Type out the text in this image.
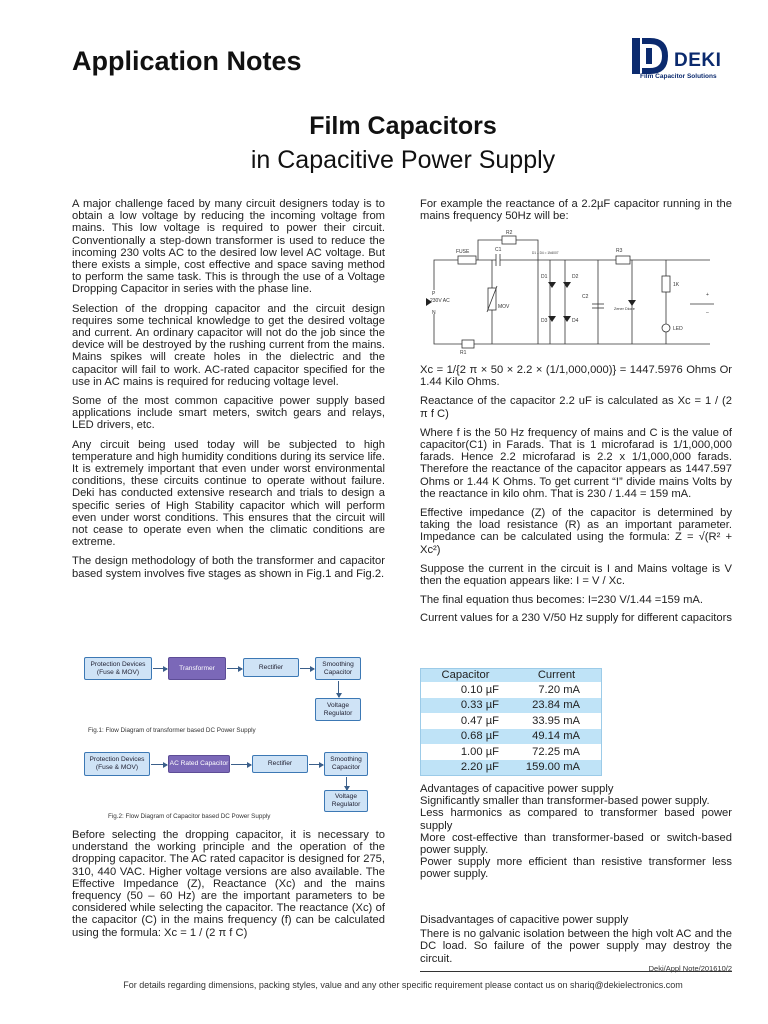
Application Notes	DEKI
Film Capacitor Solutions
Film Capacitors
in Capacitive Power Supply

A major challenge faced by many circuit designers today is to obtain a low voltage by reducing the incoming voltage from mains. This low voltage is required to power their circuit. Conventionally a step-down transformer is used to reduce the incoming 230 volts AC to the desired low level AC voltage. But there exists a simple, cost effective and space saving method to perform the same task. This is through the use of a Voltage Dropping Capacitor in series with the phase line.

Selection of the dropping capacitor and the circuit design requires some technical knowledge to get the desired voltage and current. An ordinary capacitor will not do the job since the device will be destroyed by the rushing current from the mains. Mains spikes will create holes in the dielectric and the capacitor will fail to work. AC-rated capacitor specified for the use in AC mains is required for reducing voltage level.

Some of the most common capacitive power supply based applications include smart meters, switch gears and relays, LED drivers, etc.

Any circuit being used today will be subjected to high temperature and high humidity conditions during its service life. It is extremely important that even under worst environmental conditions, these circuits continue to operate without failure. Deki has conducted extensive research and trials to design a specific series of High Stability capacitor which will perform even under worst conditions. This ensures that the circuit will not cease to operate even when the climatic conditions are extreme.

The design methodology of both the transformer and capacitor based system involves five stages as shown in Fig.1 and Fig.2.

Protection Devices (Fuse & MOV)
Transformer	Rectifier	Smoothing Capacitor
Voltage Regulator
Fig.1: Flow Diagram of transformer based DC Power Supply
Protection Devices (Fuse & MOV)
AC Rated Capacitor	Rectifier
Smoothing Capacitor
Voltage Regulator
Fig.2: Flow Diagram of Capacitor based DC Power Supply

Before selecting the dropping capacitor, it is necessary to understand the working principle and the operation of the dropping capacitor. The AC rated capacitor is designed for 275, 310, 440 VAC. Higher voltage versions are also available. The Effective Impedance (Z), Reactance (Xc) and the mains frequency (50 – 60 Hz) are the important parameters to be considered while selecting the capacitor. The reactance (Xc) of the capacitor (C) in the mains frequency (f) can be calculated using the formula: Xc = 1 / (2 π f C)

For example the reactance of a 2.2µF capacitor running in the mains frequency 50Hz will be:

FUSE	C1
R2
D1 – D4 = 1N4007
R1
D1	D2
D3	D4
MOV
P
230V AC
N
C2
Zener Diode
R3
1K
LED
+
–

Xc = 1/{2 π × 50 × 2.2 × (1/1,000,000)} = 1447.5976 Ohms Or 1.44 Kilo Ohms.

Reactance of the capacitor 2.2 uF is calculated as Xc = 1 / (2 π f C)

Where f is the 50 Hz frequency of mains and C is the value of capacitor(C1) in Farads. That is 1 microfarad is 1/1,000,000 farads. Hence 2.2 microfarad is 2.2 x 1/1,000,000 farads. Therefore the reactance of the capacitor appears as 1447.597 Ohms or 1.44 K Ohms. To get current “I” divide mains Volts by the reactance in kilo ohm. That is 230 / 1.44 = 159 mA.

Effective impedance (Z) of the capacitor is determined by taking the load resistance (R) as an important parameter. Impedance can be calculated using the formula: Z = √(R² + Xc²)

Suppose the current in the circuit is I and Mains voltage is V then the equation appears like: I = V / Xc.

The final equation thus becomes: I=230 V/1.44 =159 mA.

Current values for a 230 V/50 Hz supply for different capacitors

Capacitor	Current
0.10 µF	7.20 mA
0.33 µF	23.84 mA
0.47 µF	33.95 mA
0.68 µF	49.14 mA
1.00 µF	72.25 mA
2.20 µF	159.00 mA
Advantages of capacitive power supply
Significantly smaller than transformer-based power supply.
Less harmonics as compared to transformer based power supply
More cost-effective than transformer-based or switch-based power supply.
Power supply more efficient than resistive transformer less power supply.
Disadvantages of capacitive power supply
There is no galvanic isolation between the high volt AC and the DC load. So failure of the power supply may destroy the circuit.
Deki/Appl Note/201610/2
For details regarding dimensions, packing styles, value and any other specific requirement please contact us on shariq@dekielectronics.com
